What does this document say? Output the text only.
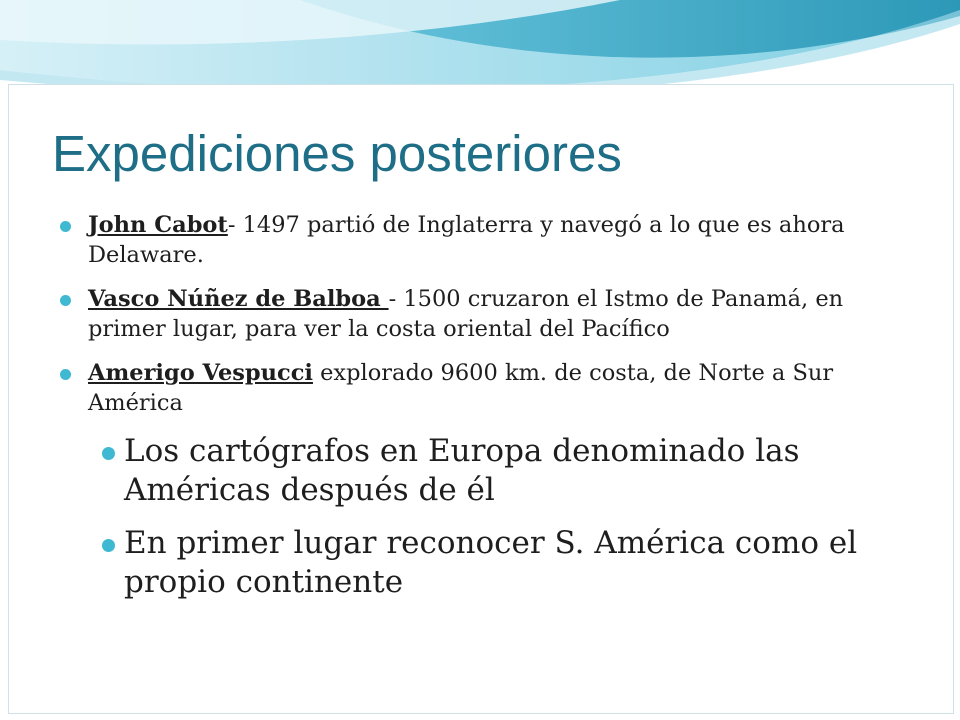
Expediciones posteriores
John Cabot- 1497 partió de Inglaterra y navegó a lo que es ahora Delaware.
Vasco Núñez de Balboa - 1500 cruzaron el Istmo de Panamá, en primer lugar, para ver la costa oriental del Pacífico
Amerigo Vespucci explorado 9600 km. de costa, de Norte a Sur América
Los cartógrafos en Europa denominado las Américas después de él
En primer lugar reconocer S. América como el propio continente
